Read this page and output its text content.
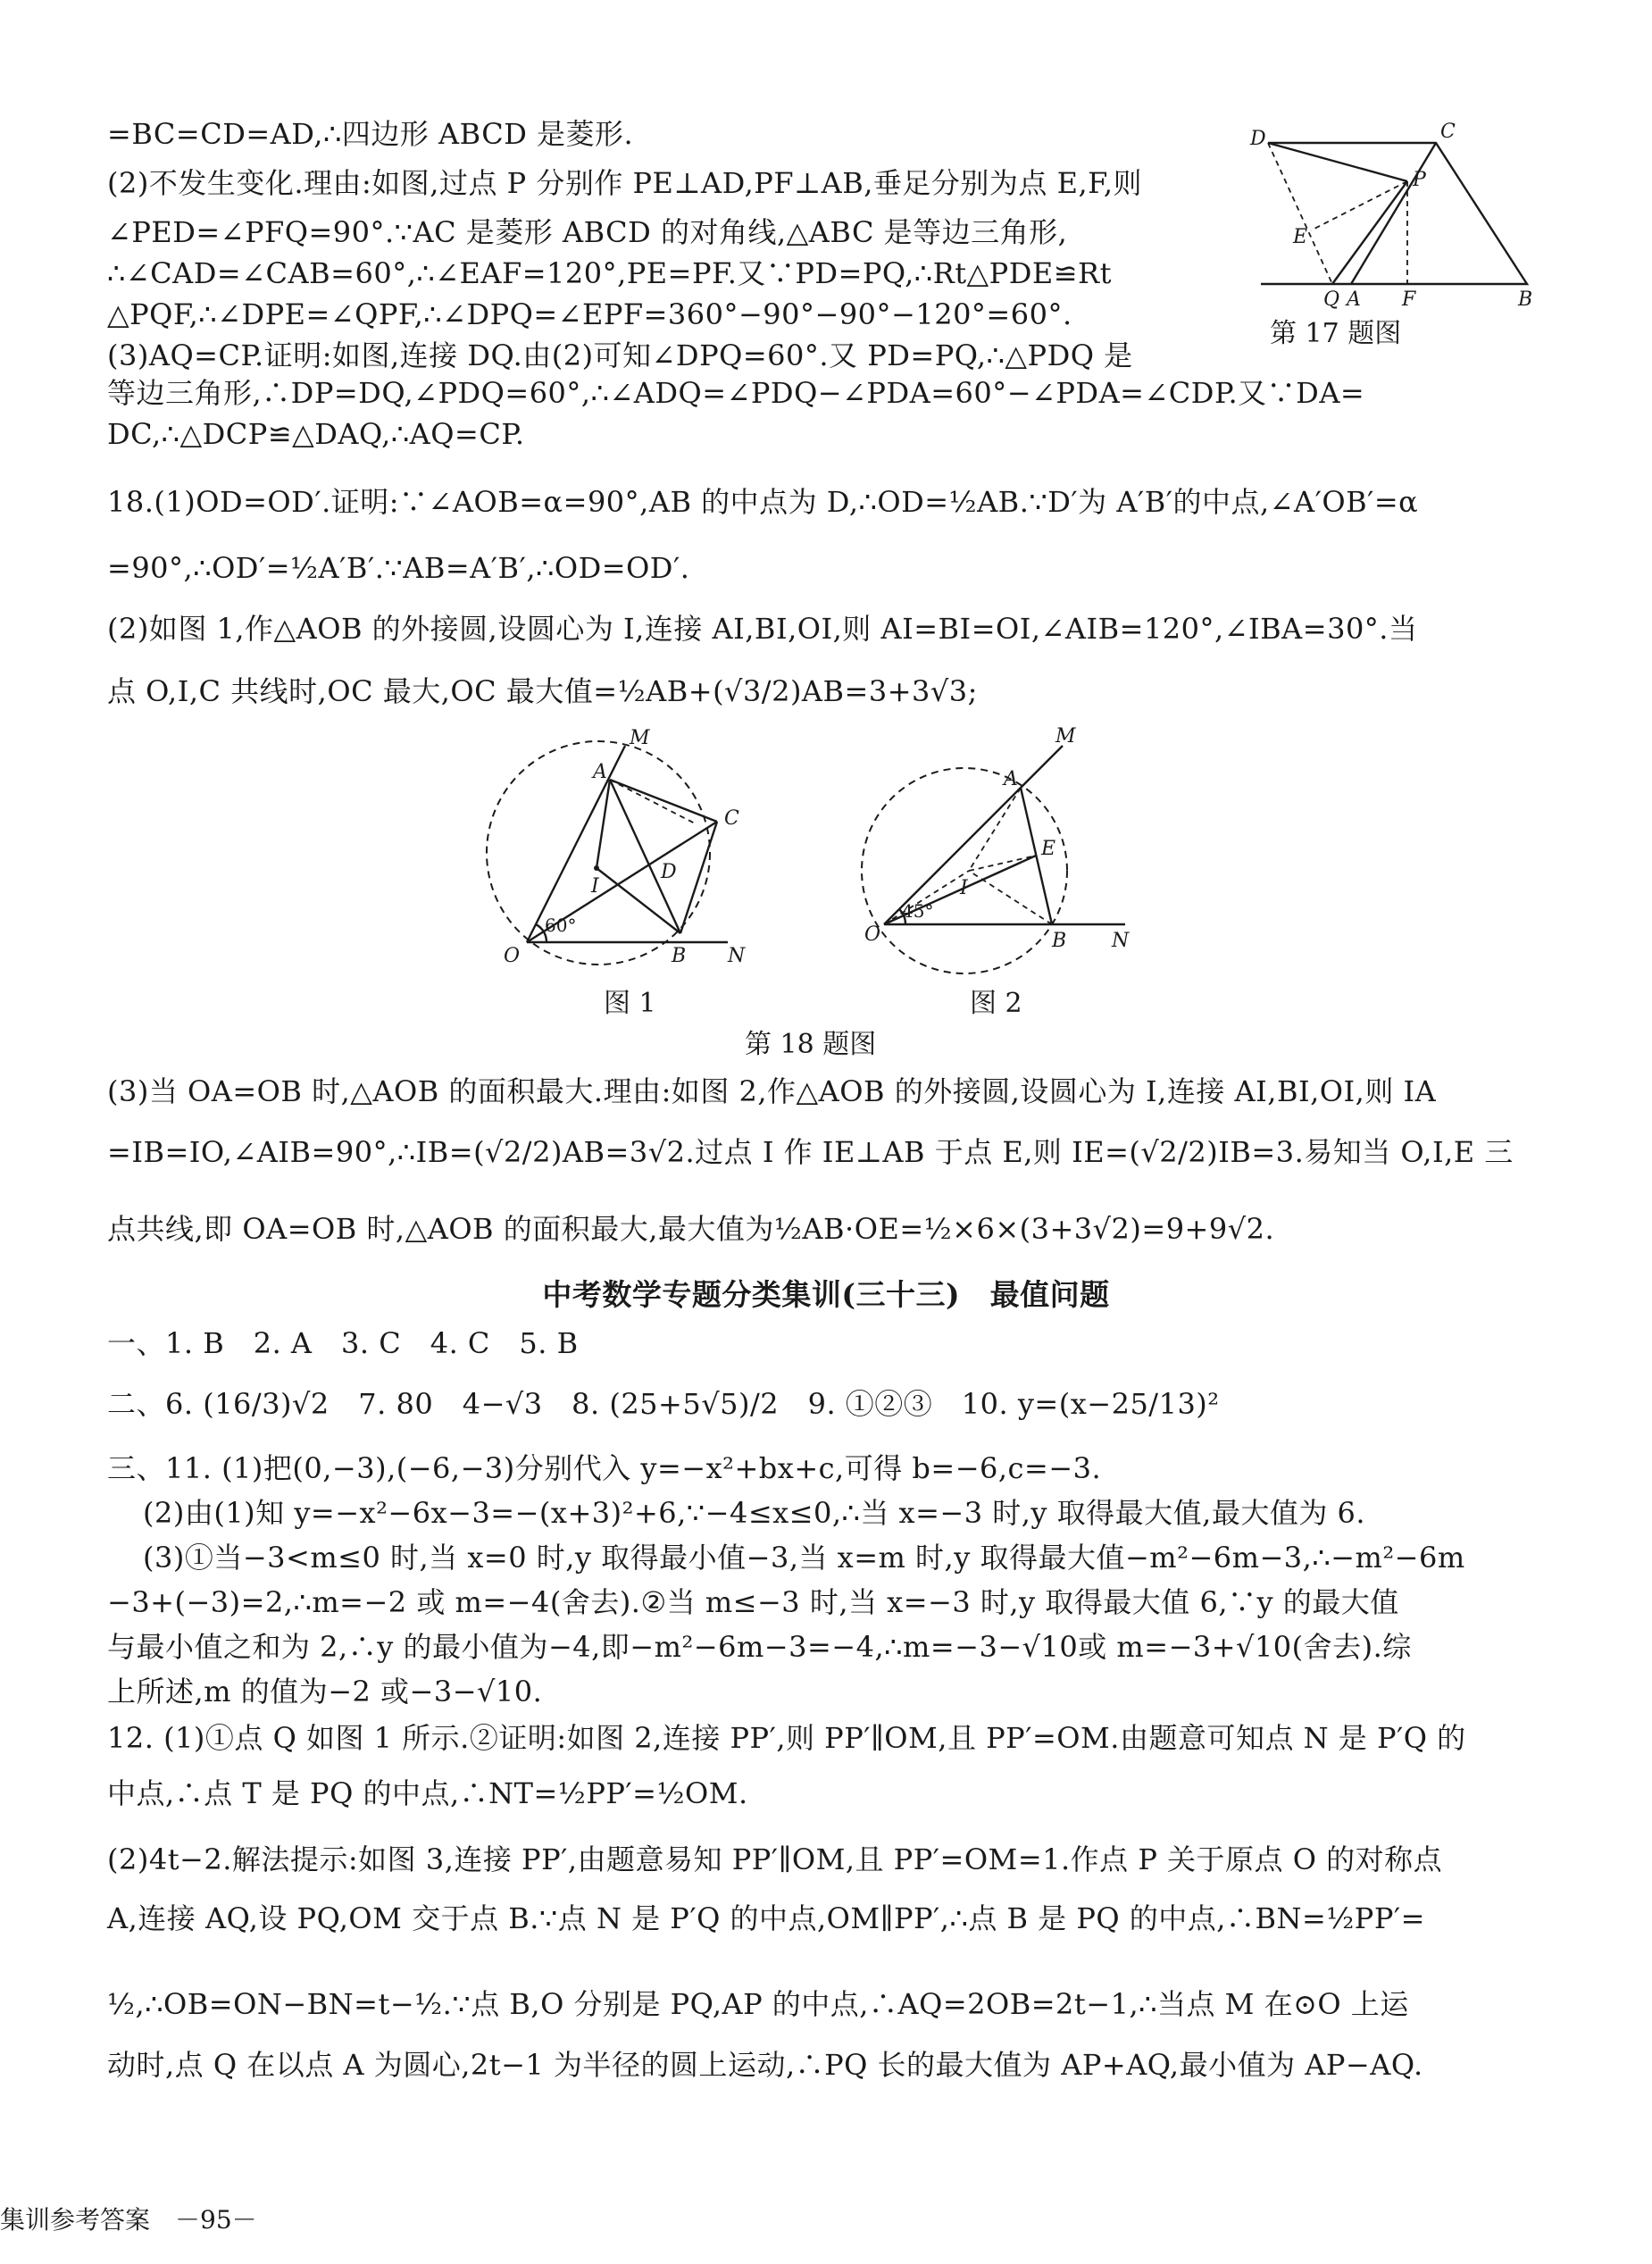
=BC=CD=AD,∴四边形 ABCD 是菱形.
(2)不发生变化.理由:如图,过点 P 分别作 PE⊥AD,PF⊥AB,垂足分别为点 E,F,则
∠PED=∠PFQ=90°.∵AC 是菱形 ABCD 的对角线,△ABC 是等边三角形,
∴∠CAD=∠CAB=60°,∴∠EAF=120°,PE=PF.又∵PD=PQ,∴Rt△PDE≌Rt
△PQF,∴∠DPE=∠QPF,∴∠DPQ=∠EPF=360°−90°−90°−120°=60°.
(3)AQ=CP.证明:如图,连接 DQ.由(2)可知∠DPQ=60°.又 PD=PQ,∴△PDQ 是
等边三角形,∴DP=DQ,∠PDQ=60°,∴∠ADQ=∠PDQ−∠PDA=60°−∠PDA=∠CDP.又∵DA=
DC,∴△DCP≌△DAQ,∴AQ=CP.
D	C
P
E
Q A F	B
第 17 题图
18.(1)OD=OD′.证明:∵∠AOB=α=90°,AB 的中点为 D,∴OD=½AB.∵D′为 A′B′的中点,∠A′OB′=α
=90°,∴OD′=½A′B′.∵AB=A′B′,∴OD=OD′.
(2)如图 1,作△AOB 的外接圆,设圆心为 I,连接 AI,BI,OI,则 AI=BI=OI,∠AIB=120°,∠IBA=30°.当
点 O,I,C 共线时,OC 最大,OC 最大值=½AB+(√3/2)AB=3+3√3;
M
A
C
D
I
60°
O	B N
图 1
M
A
E
I
45°
O	B N
图 2
第 18 题图
(3)当 OA=OB 时,△AOB 的面积最大.理由:如图 2,作△AOB 的外接圆,设圆心为 I,连接 AI,BI,OI,则 IA
=IB=IO,∠AIB=90°,∴IB=(√2/2)AB=3√2.过点 I 作 IE⊥AB 于点 E,则 IE=(√2/2)IB=3.易知当 O,I,E 三
点共线,即 OA=OB 时,△AOB 的面积最大,最大值为½AB·OE=½×6×(3+3√2)=9+9√2.
中考数学专题分类集训(三十三)　最值问题
一、1. B　2. A　3. C　4. C　5. B
二、6. (16/3)√2　7. 80　4−√3　8. (25+5√5)/2　9. ①②③　10. y=(x−25/13)²
三、11. (1)把(0,−3),(−6,−3)分别代入 y=−x²+bx+c,可得 b=−6,c=−3.
(2)由(1)知 y=−x²−6x−3=−(x+3)²+6,∵−4≤x≤0,∴当 x=−3 时,y 取得最大值,最大值为 6.
(3)①当−3<m≤0 时,当 x=0 时,y 取得最小值−3,当 x=m 时,y 取得最大值−m²−6m−3,∴−m²−6m
−3+(−3)=2,∴m=−2 或 m=−4(舍去).②当 m≤−3 时,当 x=−3 时,y 取得最大值 6,∵y 的最大值
与最小值之和为 2,∴y 的最小值为−4,即−m²−6m−3=−4,∴m=−3−√10或 m=−3+√10(舍去).综
上所述,m 的值为−2 或−3−√10.
12. (1)①点 Q 如图 1 所示.②证明:如图 2,连接 PP′,则 PP′∥OM,且 PP′=OM.由题意可知点 N 是 P′Q 的
中点,∴点 T 是 PQ 的中点,∴NT=½PP′=½OM.
(2)4t−2.解法提示:如图 3,连接 PP′,由题意易知 PP′∥OM,且 PP′=OM=1.作点 P 关于原点 O 的对称点
A,连接 AQ,设 PQ,OM 交于点 B.∵点 N 是 P′Q 的中点,OM∥PP′,∴点 B 是 PQ 的中点,∴BN=½PP′=
½,∴OB=ON−BN=t−½.∵点 B,O 分别是 PQ,AP 的中点,∴AQ=2OB=2t−1,∴当点 M 在⊙O 上运
动时,点 Q 在以点 A 为圆心,2t−1 为半径的圆上运动,∴PQ 长的最大值为 AP+AQ,最小值为 AP−AQ.
集训参考答案　－95－
